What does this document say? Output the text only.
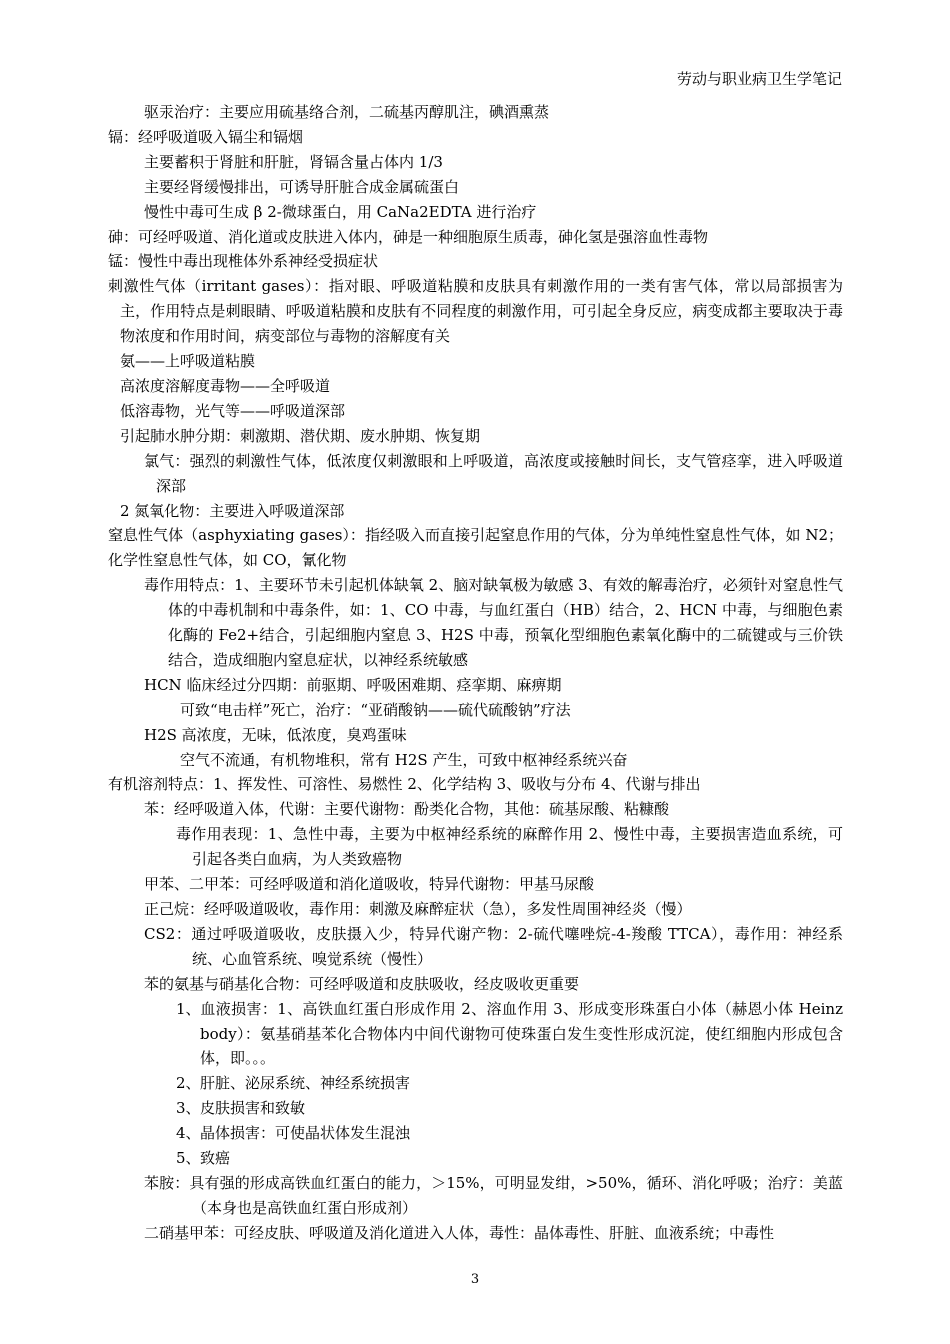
劳动与职业病卫生学笔记

驱汞治疗：主要应用硫基络合剂，二硫基丙醇肌注，碘酒熏蒸

镉：经呼吸道吸入镉尘和镉烟

主要蓄积于肾脏和肝脏，肾镉含量占体内 1/3

主要经肾缓慢排出，可诱导肝脏合成金属硫蛋白

慢性中毒可生成 β 2-微球蛋白，用 CaNa2EDTA 进行治疗

砷：可经呼吸道、消化道或皮肤进入体内，砷是一种细胞原生质毒，砷化氢是强溶血性毒物

锰：慢性中毒出现椎体外系神经受损症状

刺激性气体（irritant gases）：指对眼、呼吸道粘膜和皮肤具有刺激作用的一类有害气体，常以局部损害为主，作用特点是刺眼睛、呼吸道粘膜和皮肤有不同程度的刺激作用，可引起全身反应，病变成都主要取决于毒物浓度和作用时间，病变部位与毒物的溶解度有关

氨——上呼吸道粘膜

高浓度溶解度毒物——全呼吸道

低溶毒物，光气等——呼吸道深部

引起肺水肿分期：刺激期、潜伏期、废水肿期、恢复期

氯气：强烈的刺激性气体，低浓度仅刺激眼和上呼吸道，高浓度或接触时间长，支气管痉挛，进入呼吸道深部

2 氮氧化物：主要进入呼吸道深部

窒息性气体（asphyxiating gases）：指经吸入而直接引起窒息作用的气体，分为单纯性窒息性气体，如 N2；化学性窒息性气体，如 CO，氰化物

毒作用特点：1、主要环节未引起机体缺氧 2、脑对缺氧极为敏感 3、有效的解毒治疗，必须针对窒息性气体的中毒机制和中毒条件，如：1、CO 中毒，与血红蛋白（HB）结合，2、HCN 中毒，与细胞色素化酶的 Fe2+结合，引起细胞内窒息 3、H2S 中毒，预氧化型细胞色素氧化酶中的二硫键或与三价铁结合，造成细胞内窒息症状，以神经系统敏感

HCN 临床经过分四期：前驱期、呼吸困难期、痉挛期、麻痹期

可致“电击样”死亡，治疗：“亚硝酸钠——硫代硫酸钠”疗法

H2S 高浓度，无味，低浓度，臭鸡蛋味

空气不流通，有机物堆积，常有 H2S 产生，可致中枢神经系统兴奋

有机溶剂特点：1、挥发性、可溶性、易燃性 2、化学结构 3、吸收与分布 4、代谢与排出

苯：经呼吸道入体，代谢：主要代谢物：酚类化合物，其他：硫基尿酸、粘糠酸

毒作用表现：1、急性中毒，主要为中枢神经系统的麻醉作用 2、慢性中毒，主要损害造血系统，可引起各类白血病，为人类致癌物

甲苯、二甲苯：可经呼吸道和消化道吸收，特异代谢物：甲基马尿酸

正己烷：经呼吸道吸收，毒作用：刺激及麻醉症状（急），多发性周围神经炎（慢）

CS2：通过呼吸道吸收，皮肤摄入少，特异代谢产物：2-硫代噻唑烷-4-羧酸 TTCA），毒作用：神经系统、心血管系统、嗅觉系统（慢性）

苯的氨基与硝基化合物：可经呼吸道和皮肤吸收，经皮吸收更重要

1、血液损害：1、高铁血红蛋白形成作用 2、溶血作用 3、形成变形珠蛋白小体（赫恩小体 Heinz body）：氨基硝基苯化合物体内中间代谢物可使珠蛋白发生变性形成沉淀，使红细胞内形成包含体，即。。。

2、肝脏、泌尿系统、神经系统损害

3、皮肤损害和致敏

4、晶体损害：可使晶状体发生混浊

5、致癌

苯胺：具有强的形成高铁血红蛋白的能力，＞15%，可明显发绀，>50%，循环、消化呼吸；治疗：美蓝（本身也是高铁血红蛋白形成剂）

二硝基甲苯：可经皮肤、呼吸道及消化道进入人体，毒性：晶体毒性、肝脏、血液系统；中毒性

3
